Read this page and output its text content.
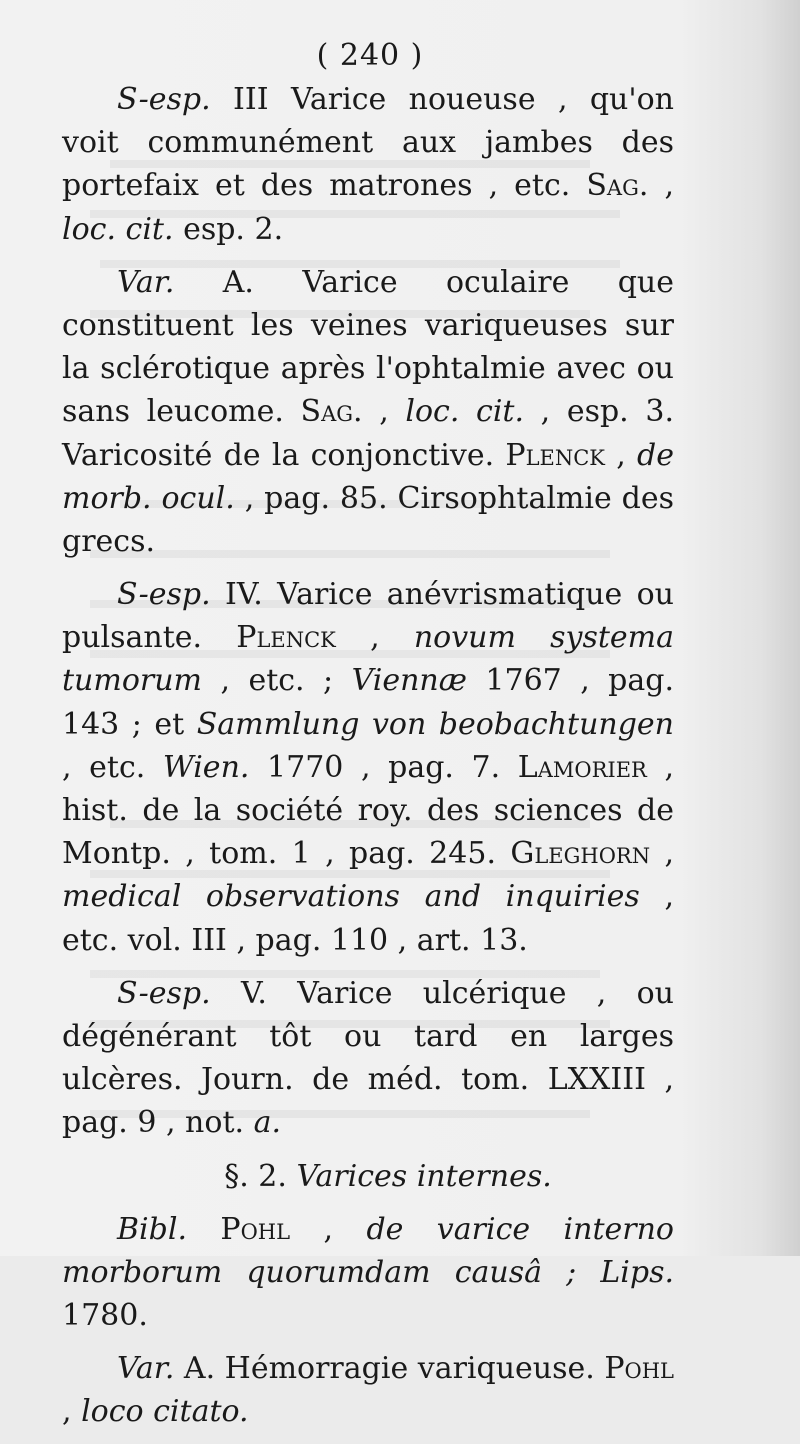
( 240 )

S-esp. III Varice noueuse , qu'on voit communément aux jambes des portefaix et des matrones , etc. Sag. , loc. cit. esp. 2.

Var. A. Varice oculaire que constituent les veines variqueuses sur la sclérotique après l'ophtalmie avec ou sans leucome. Sag. , loc. cit. , esp. 3. Varicosité de la conjonctive. Plenck , de morb. ocul. , pag. 85. Cirsophtalmie des grecs.

S-esp. IV. Varice anévrismatique ou pulsante. Plenck , novum systema tumorum , etc. ; Viennæ 1767 , pag. 143 ; et Sammlung von beobachtungen , etc. Wien. 1770 , pag. 7. Lamorier , hist. de la société roy. des sciences de Montp. , tom. 1 , pag. 245. Gleghorn , medical observations and inquiries , etc. vol. III , pag. 110 , art. 13.

S-esp. V. Varice ulcérique , ou dégénérant tôt ou tard en larges ulcères. Journ. de méd. tom. LXXIII , pag. 9 , not. a.

§. 2. Varices internes.

Bibl. Pohl , de varice interno morborum quorumdam causâ ; Lips. 1780.

Var. A. Hémorragie variqueuse. Pohl , loco citato.
